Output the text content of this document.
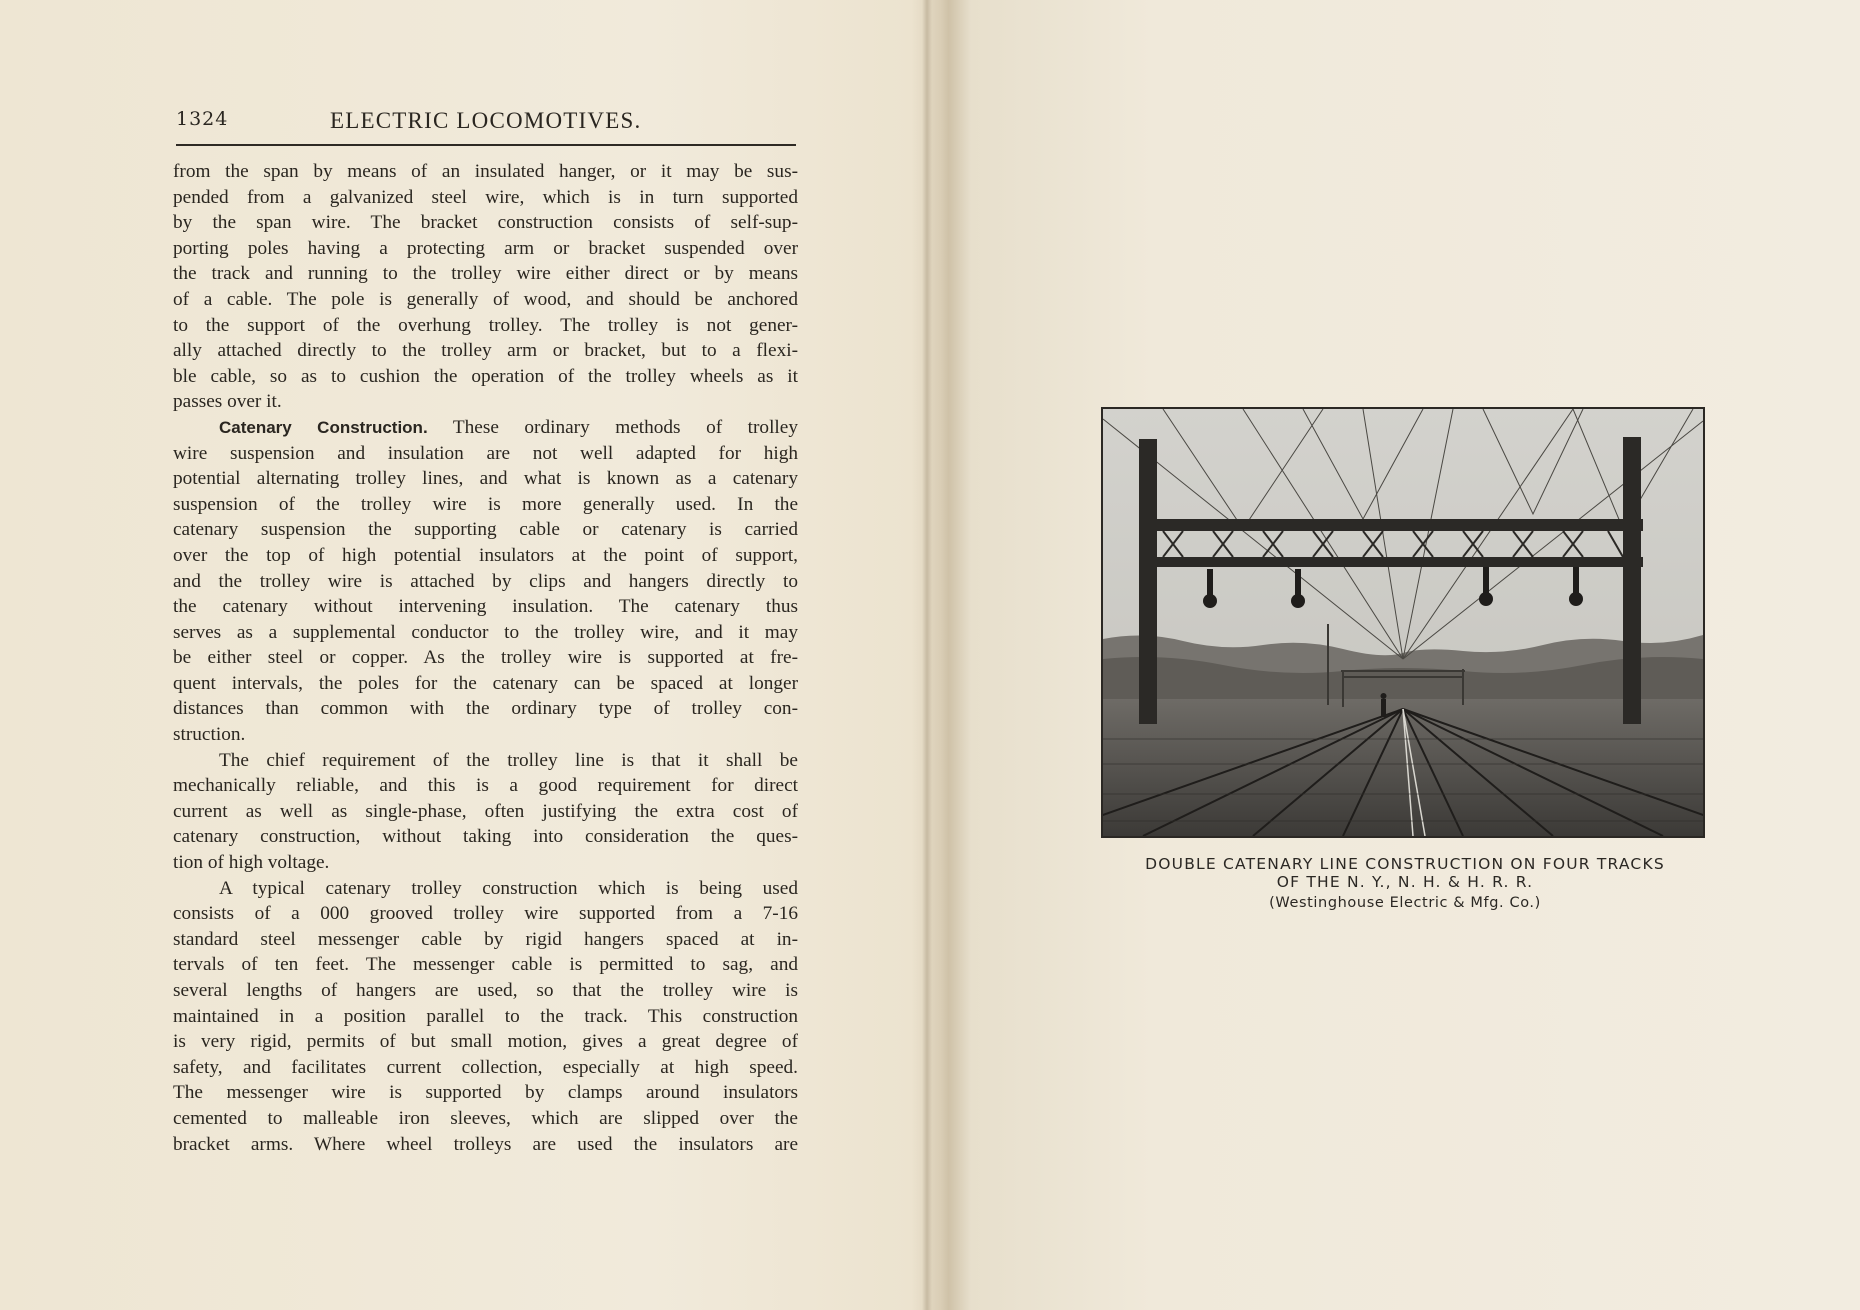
1324	ELECTRIC LOCOMOTIVES.
from the span by means of an insulated hanger, or it may be sus-
pended from a galvanized steel wire, which is in turn supported
by the span wire. The bracket construction consists of self-sup-
porting poles having a protecting arm or bracket suspended over
the track and running to the trolley wire either direct or by means
of a cable. The pole is generally of wood, and should be anchored
to the support of the overhung trolley. The trolley is not gener-
ally attached directly to the trolley arm or bracket, but to a flexi-
ble cable, so as to cushion the operation of the trolley wheels as it
passes over it.
Catenary Construction. These ordinary methods of trolley
wire suspension and insulation are not well adapted for high
potential alternating trolley lines, and what is known as a catenary
suspension of the trolley wire is more generally used. In the
catenary suspension the supporting cable or catenary is carried
over the top of high potential insulators at the point of support,
and the trolley wire is attached by clips and hangers directly to
the catenary without intervening insulation. The catenary thus
serves as a supplemental conductor to the trolley wire, and it may
be either steel or copper. As the trolley wire is supported at fre-
quent intervals, the poles for the catenary can be spaced at longer
distances than common with the ordinary type of trolley con-
struction.
The chief requirement of the trolley line is that it shall be
mechanically reliable, and this is a good requirement for direct
current as well as single-phase, often justifying the extra cost of
catenary construction, without taking into consideration the ques-
tion of high voltage.
A typical catenary trolley construction which is being used
consists of a 000 grooved trolley wire supported from a 7-16
standard steel messenger cable by rigid hangers spaced at in-
tervals of ten feet. The messenger cable is permitted to sag, and
several lengths of hangers are used, so that the trolley wire is
maintained in a position parallel to the track. This construction
is very rigid, permits of but small motion, gives a great degree of
safety, and facilitates current collection, especially at high speed.
The messenger wire is supported by clamps around insulators
cemented to malleable iron sleeves, which are slipped over the
bracket arms. Where wheel trolleys are used the insulators are
DOUBLE CATENARY LINE CONSTRUCTION ON FOUR TRACKS
OF THE N. Y., N. H. & H. R. R.
(Westinghouse Electric & Mfg. Co.)
